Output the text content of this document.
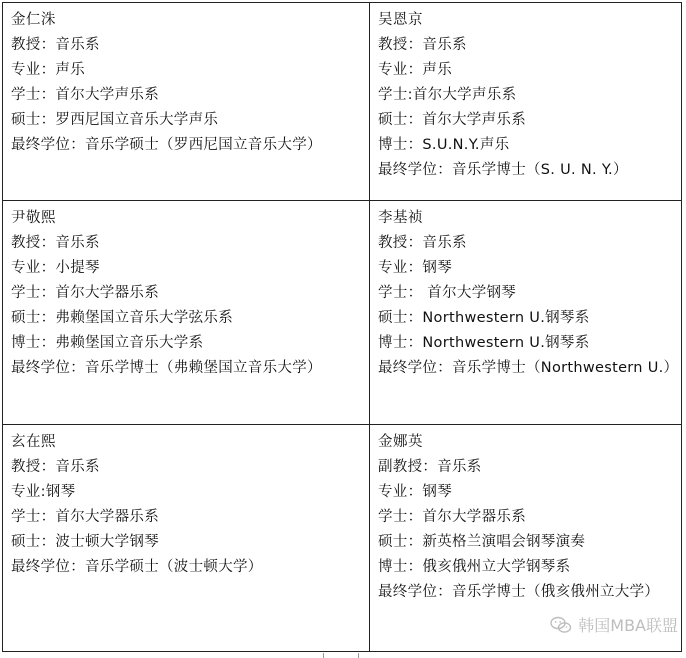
金仁洙
教授：音乐系
专业：声乐
学士：首尔大学声乐系
硕士：罗西尼国立音乐大学声乐
最终学位：音乐学硕士（罗西尼国立音乐大学）
吴恩京
教授：音乐系
专业：声乐
学士:首尔大学声乐系
硕士：首尔大学声乐系
博士：S.U.N.Y.声乐
最终学位：音乐学博士（S. U. N. Y.）
尹敬熙
教授：音乐系
专业：小提琴
学士：首尔大学器乐系
硕士：弗赖堡国立音乐大学弦乐系
博士：弗赖堡国立音乐大学系
最终学位：音乐学博士（弗赖堡国立音乐大学）
李基祯
教授：音乐系
专业：钢琴
学士： 首尔大学钢琴
硕士：Northwestern U.钢琴系
博士：Northwestern U.钢琴系
最终学位：音乐学博士（Northwestern U.）
玄在熙
教授：音乐系
专业:钢琴
学士：首尔大学器乐系
硕士：波士顿大学钢琴
最终学位：音乐学硕士（波士顿大学）
金娜英
副教授：音乐系
专业：钢琴
学士：首尔大学器乐系
硕士：新英格兰演唱会钢琴演奏
博士：俄亥俄州立大学钢琴系
最终学位：音乐学博士（俄亥俄州立大学）
韩国MBA联盟
